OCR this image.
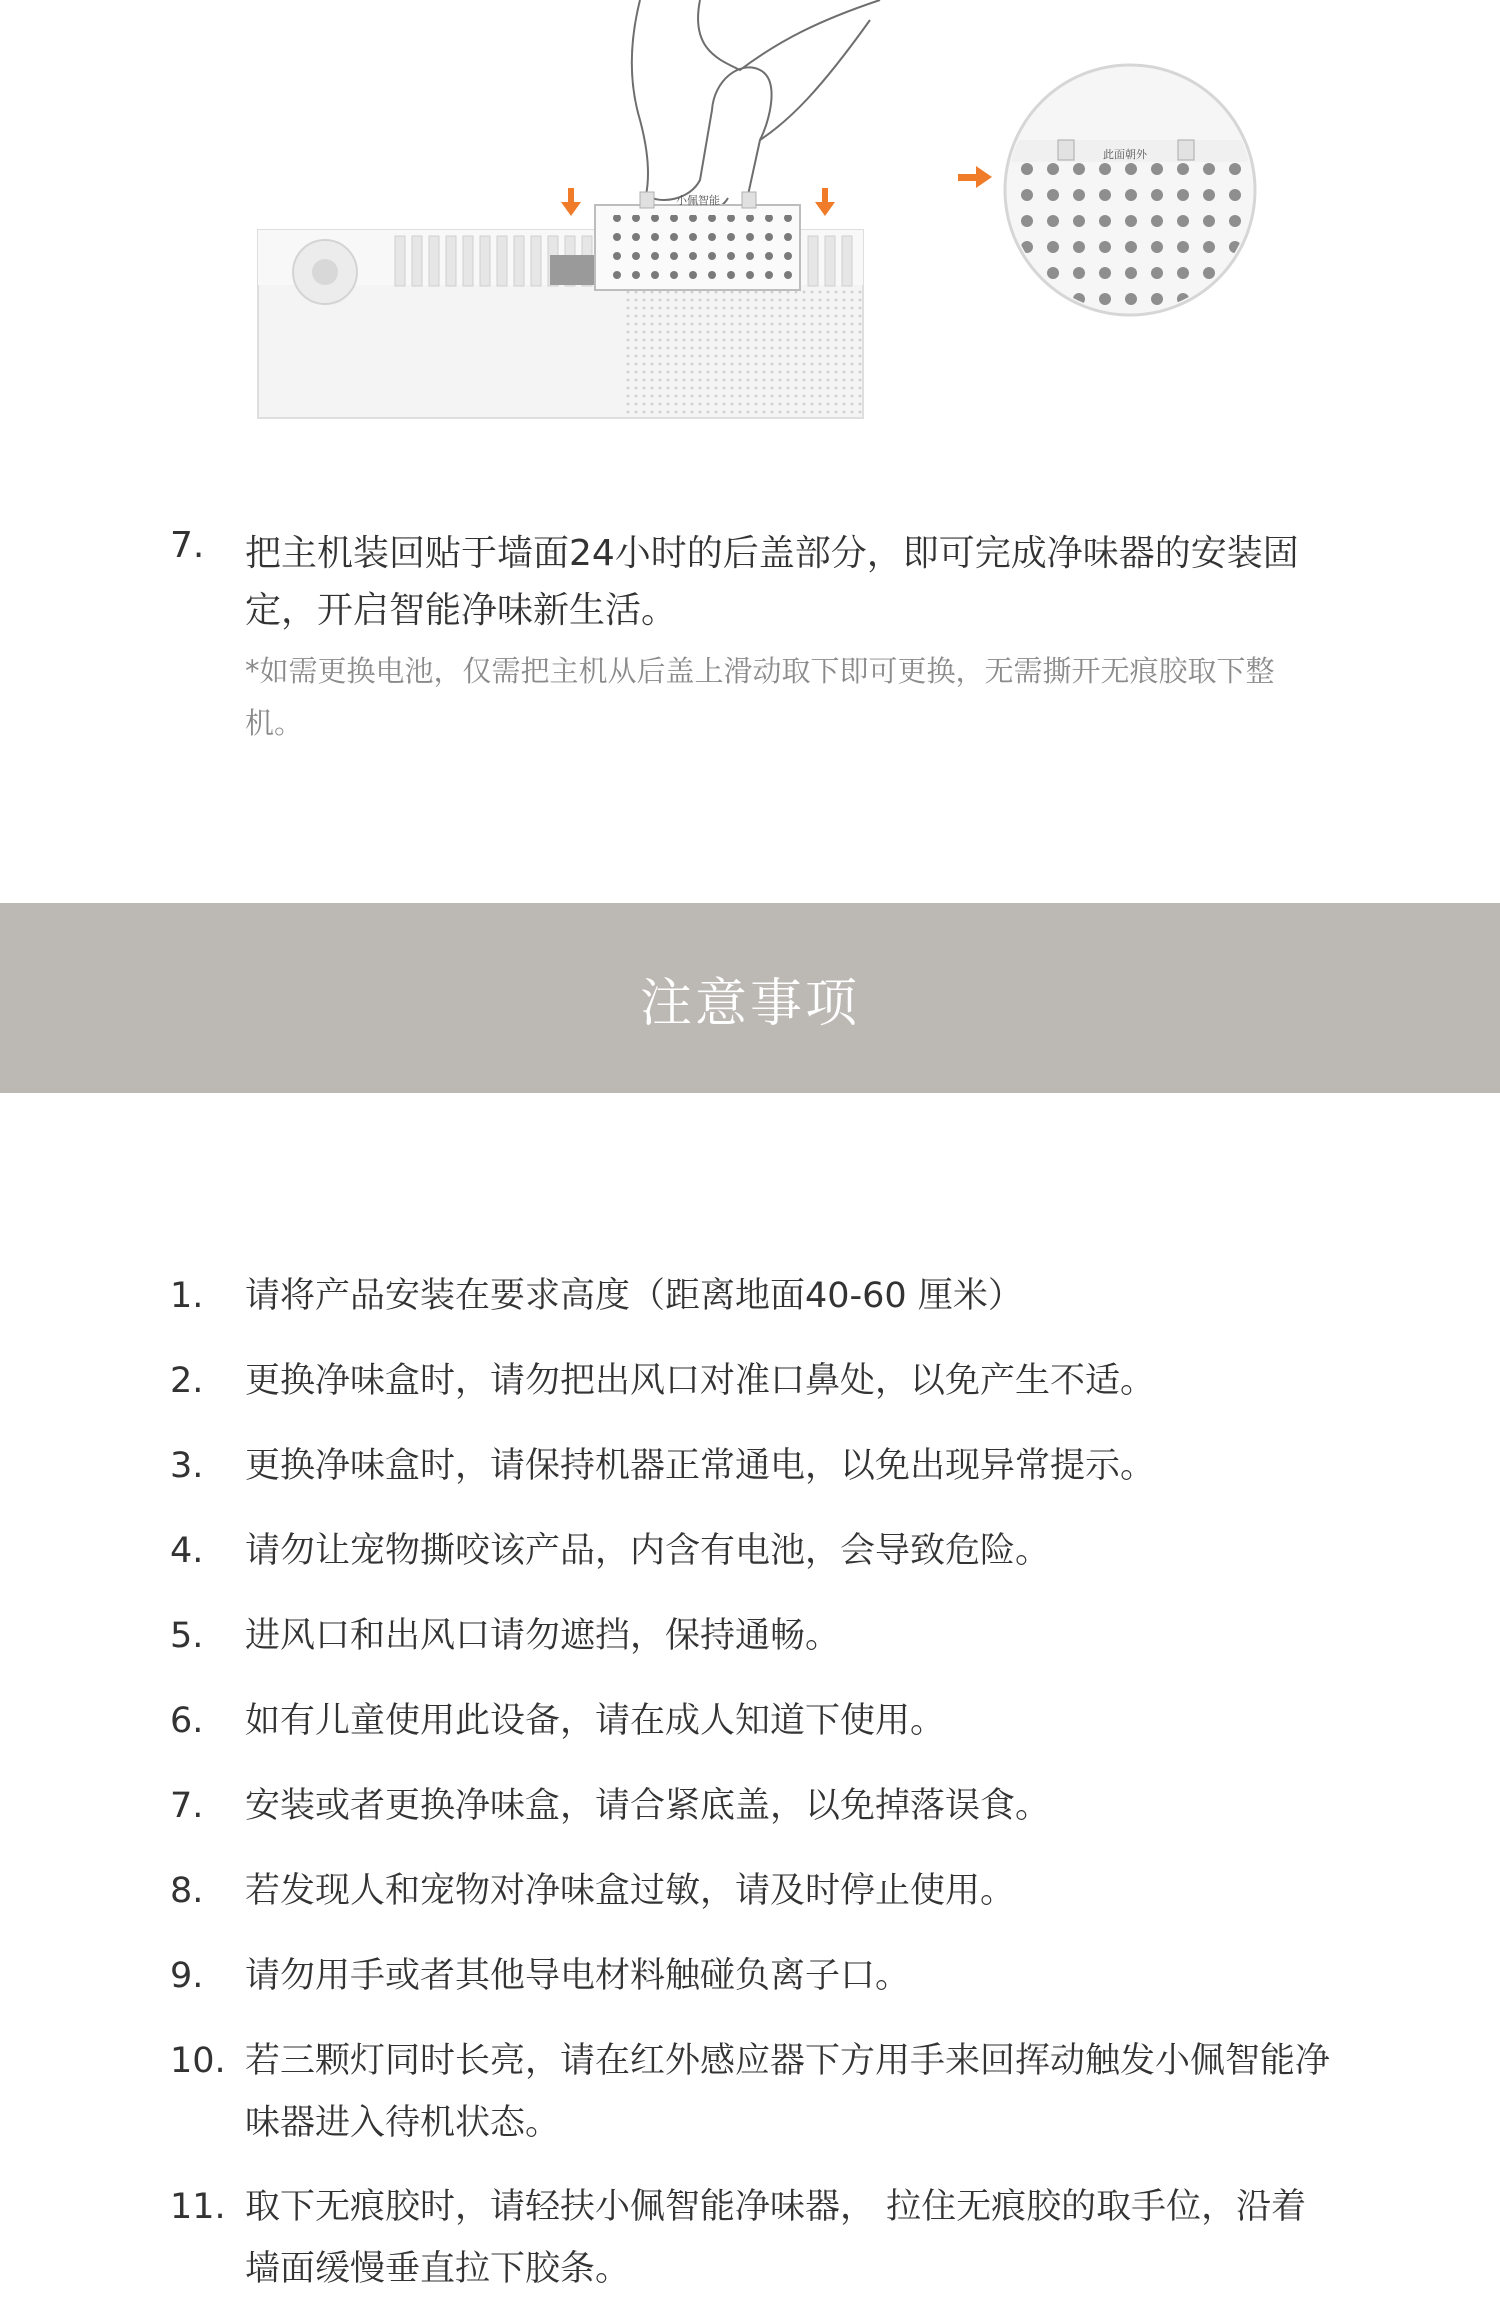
小佩智能
此面朝外
7. 把主机装回贴于墙面24小时的后盖部分，即可完成净味器的安装固定，开启智能净味新生活。
*如需更换电池，仅需把主机从后盖上滑动取下即可更换，无需撕开无痕胶取下整机。
注意事项
1.	请将产品安装在要求高度（距离地面40-60 厘米）
2.	更换净味盒时，请勿把出风口对准口鼻处，以免产生不适。
3.	更换净味盒时，请保持机器正常通电，以免出现异常提示。
4.	请勿让宠物撕咬该产品，内含有电池，会导致危险。
5.	进风口和出风口请勿遮挡，保持通畅。
6.	如有儿童使用此设备，请在成人知道下使用。
7.	安装或者更换净味盒，请合紧底盖，以免掉落误食。
8.	若发现人和宠物对净味盒过敏，请及时停止使用。
9.	请勿用手或者其他导电材料触碰负离子口。
10. 若三颗灯同时长亮，请在红外感应器下方用手来回挥动触发小佩智能净味器进入待机状态。
11. 取下无痕胶时，请轻扶小佩智能净味器， 拉住无痕胶的取手位，沿着墙面缓慢垂直拉下胶条。
